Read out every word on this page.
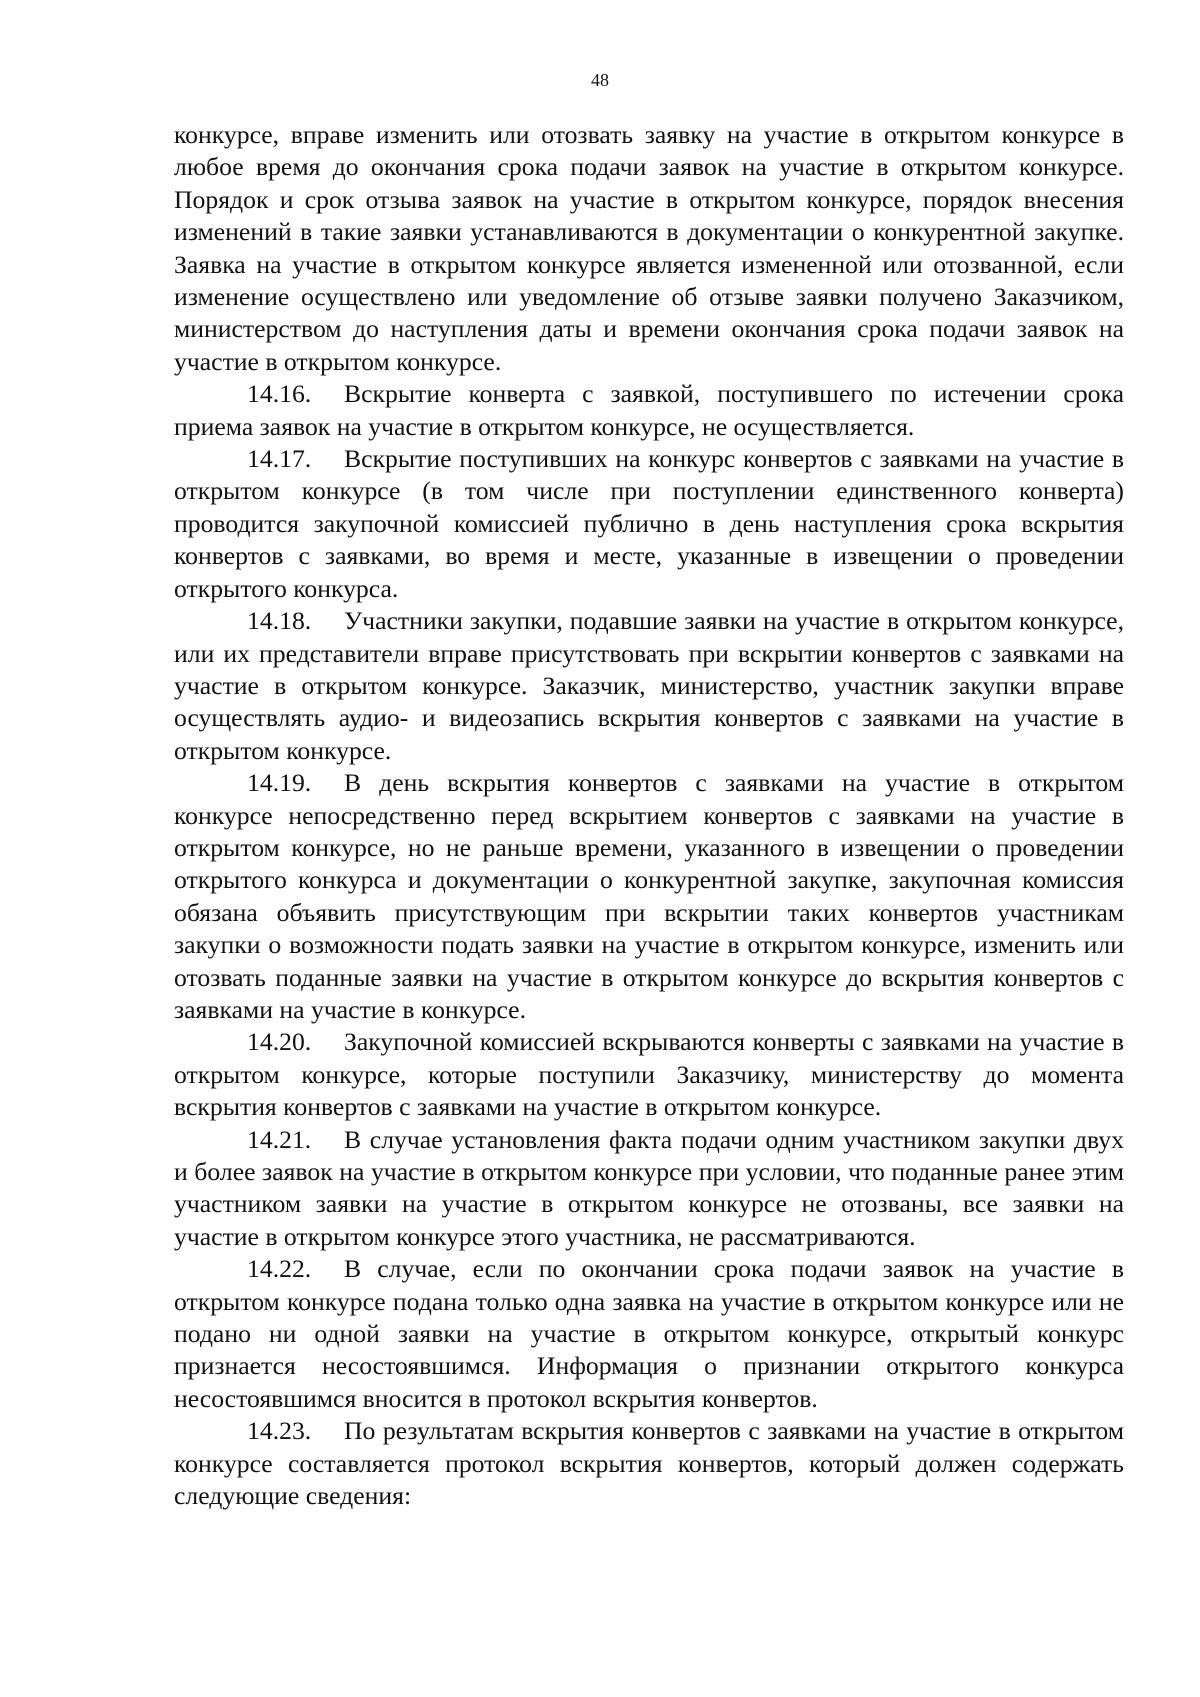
48

конкурсе, вправе изменить или отозвать заявку на участие в открытом конкурсе в любое время до окончания срока подачи заявок на участие в открытом конкурсе. Порядок и срок отзыва заявок на участие в открытом конкурсе, порядок внесения изменений в такие заявки устанавливаются в документации о конкурентной закупке. Заявка на участие в открытом конкурсе является измененной или отозванной, если изменение осуществлено или уведомление об отзыве заявки получено Заказчиком, министерством до наступления даты и времени окончания срока подачи заявок на участие в открытом конкурсе.

14.16. Вскрытие конверта с заявкой, поступившего по истечении срока приема заявок на участие в открытом конкурсе, не осуществляется.

14.17. Вскрытие поступивших на конкурс конвертов с заявками на участие в открытом конкурсе (в том числе при поступлении единственного конверта) проводится закупочной комиссией публично в день наступления срока вскрытия конвертов с заявками, во время и месте, указанные в извещении о проведении открытого конкурса.

14.18. Участники закупки, подавшие заявки на участие в открытом конкурсе, или их представители вправе присутствовать при вскрытии конвертов с заявками на участие в открытом конкурсе. Заказчик, министерство, участник закупки вправе осуществлять аудио- и видеозапись вскрытия конвертов с заявками на участие в открытом конкурсе.

14.19. В день вскрытия конвертов с заявками на участие в открытом конкурсе непосредственно перед вскрытием конвертов с заявками на участие в открытом конкурсе, но не раньше времени, указанного в извещении о проведении открытого конкурса и документации о конкурентной закупке, закупочная комиссия обязана объявить присутствующим при вскрытии таких конвертов участникам закупки о возможности подать заявки на участие в открытом конкурсе, изменить или отозвать поданные заявки на участие в открытом конкурсе до вскрытия конвертов с заявками на участие в конкурсе.

14.20. Закупочной комиссией вскрываются конверты с заявками на участие в открытом конкурсе, которые поступили Заказчику, министерству до момента вскрытия конвертов с заявками на участие в открытом конкурсе.

14.21. В случае установления факта подачи одним участником закупки двух и более заявок на участие в открытом конкурсе при условии, что поданные ранее этим участником заявки на участие в открытом конкурсе не отозваны, все заявки на участие в открытом конкурсе этого участника, не рассматриваются.

14.22. В случае, если по окончании срока подачи заявок на участие в открытом конкурсе подана только одна заявка на участие в открытом конкурсе или не подано ни одной заявки на участие в открытом конкурсе, открытый конкурс признается несостоявшимся. Информация о признании открытого конкурса несостоявшимся вносится в протокол вскрытия конвертов.

14.23. По результатам вскрытия конвертов с заявками на участие в открытом конкурсе составляется протокол вскрытия конвертов, который должен содержать следующие сведения:
